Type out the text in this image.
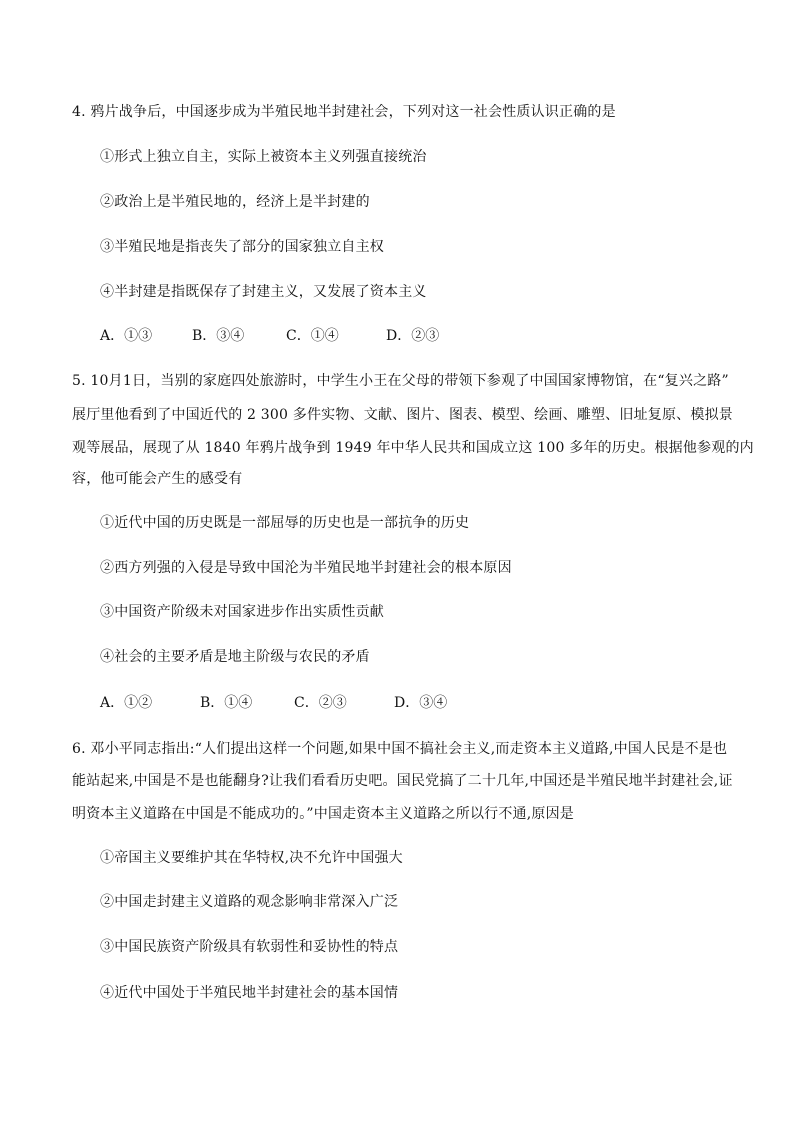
4. 鸦片战争后，中国逐步成为半殖民地半封建社会，下列对这一社会性质认识正确的是
①形式上独立自主，实际上被资本主义列强直接统治
②政治上是半殖民地的，经济上是半封建的
③半殖民地是指丧失了部分的国家独立自主权
④半封建是指既保存了封建主义，又发展了资本主义
A．①③	B．③④	C．①④	D．②③
5. 10月1日，当别的家庭四处旅游时，中学生小王在父母的带领下参观了中国国家博物馆，在“复兴之路”
展厅里他看到了中国近代的 2 300 多件实物、文献、图片、图表、模型、绘画、雕塑、旧址复原、模拟景
观等展品，展现了从 1840 年鸦片战争到 1949 年中华人民共和国成立这 100 多年的历史。根据他参观的内
容，他可能会产生的感受有
①近代中国的历史既是一部屈辱的历史也是一部抗争的历史
②西方列强的入侵是导致中国沦为半殖民地半封建社会的根本原因
③中国资产阶级未对国家进步作出实质性贡献
④社会的主要矛盾是地主阶级与农民的矛盾
A．①②	B．①④	C．②③	D．③④
6. 邓小平同志指出:“人们提出这样一个问题,如果中国不搞社会主义,而走资本主义道路,中国人民是不是也
能站起来,中国是不是也能翻身?让我们看看历史吧。国民党搞了二十几年,中国还是半殖民地半封建社会,证
明资本主义道路在中国是不能成功的。”中国走资本主义道路之所以行不通,原因是
①帝国主义要维护其在华特权,决不允许中国强大
②中国走封建主义道路的观念影响非常深入广泛
③中国民族资产阶级具有软弱性和妥协性的特点
④近代中国处于半殖民地半封建社会的基本国情
